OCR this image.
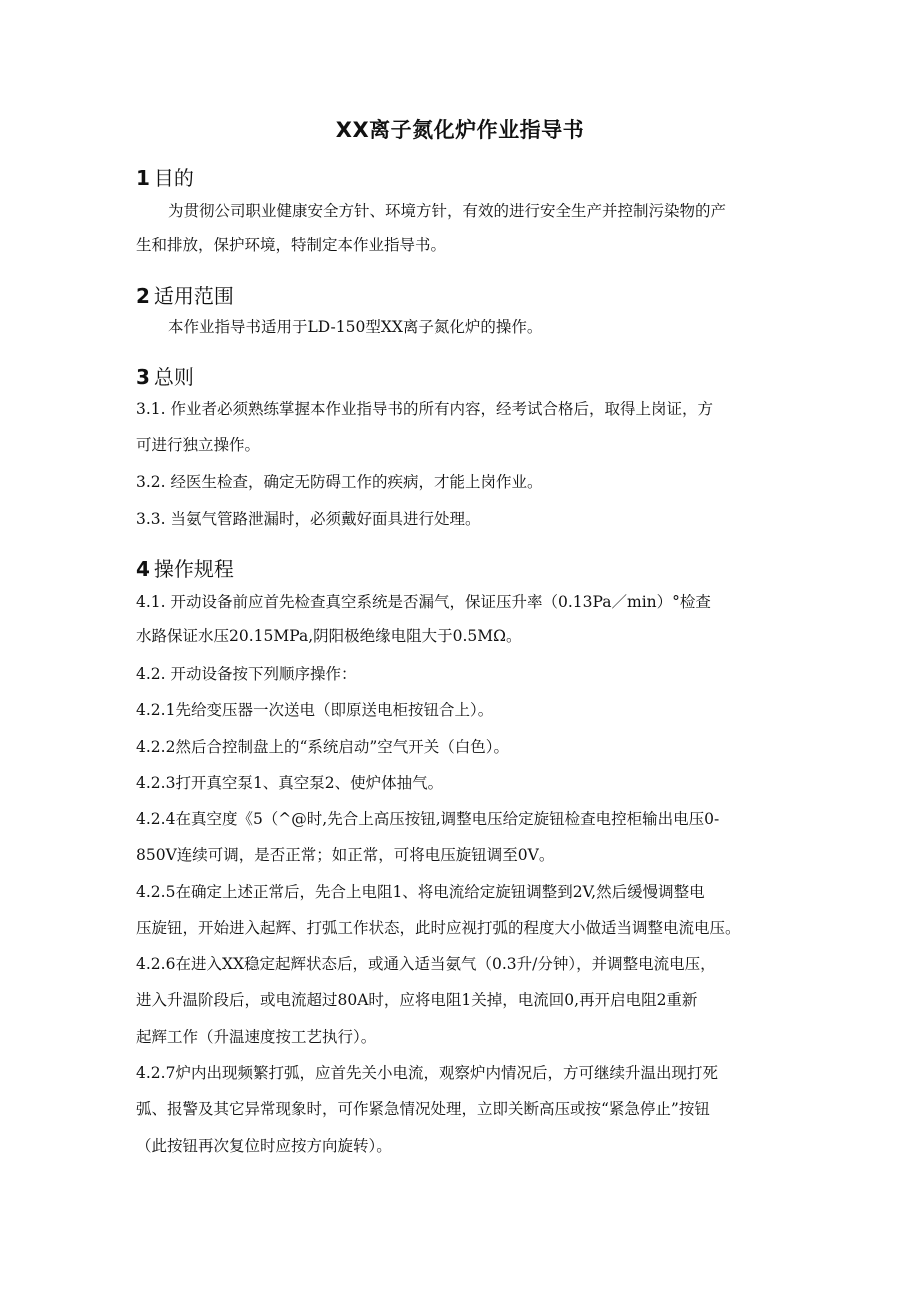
XX离子氮化炉作业指导书
1 目的
为贯彻公司职业健康安全方针、环境方针，有效的进行安全生产并控制污染物的产
生和排放，保护环境，特制定本作业指导书。
2 适用范围
本作业指导书适用于LD-150型XX离子氮化炉的操作。
3 总则
3.1. 作业者必须熟练掌握本作业指导书的所有内容，经考试合格后，取得上岗证，方
可进行独立操作。
3.2. 经医生检查，确定无防碍工作的疾病，才能上岗作业。
3.3. 当氨气管路泄漏时，必须戴好面具进行处理。
4 操作规程
4.1. 开动设备前应首先检查真空系统是否漏气，保证压升率（0.13Pa／min）°检查
水路保证水压20.15MPa,阴阳极绝缘电阻大于0.5MΩ。
4.2. 开动设备按下列顺序操作：
4.2.1先给变压器一次送电（即原送电柜按钮合上）。
4.2.2然后合控制盘上的“系统启动”空气开关（白色）。
4.2.3打开真空泵1、真空泵2、使炉体抽气。
4.2.4在真空度《5（^@时,先合上高压按钮,调整电压给定旋钮检查电控柜输出电压0-
850V连续可调，是否正常；如正常，可将电压旋钮调至0V。
4.2.5在确定上述正常后，先合上电阻1、将电流给定旋钮调整到2V,然后缓慢调整电
压旋钮，开始进入起辉、打弧工作状态，此时应视打弧的程度大小做适当调整电流电压。
4.2.6在进入XX稳定起辉状态后，或通入适当氨气（0.3升/分钟），并调整电流电压，
进入升温阶段后，或电流超过80A时，应将电阻1关掉，电流回0,再开启电阻2重新
起辉工作（升温速度按工艺执行）。
4.2.7炉内出现频繁打弧，应首先关小电流，观察炉内情况后，方可继续升温出现打死
弧、报警及其它异常现象时，可作紧急情况处理，立即关断高压或按“紧急停止”按钮
（此按钮再次复位时应按方向旋转）。
